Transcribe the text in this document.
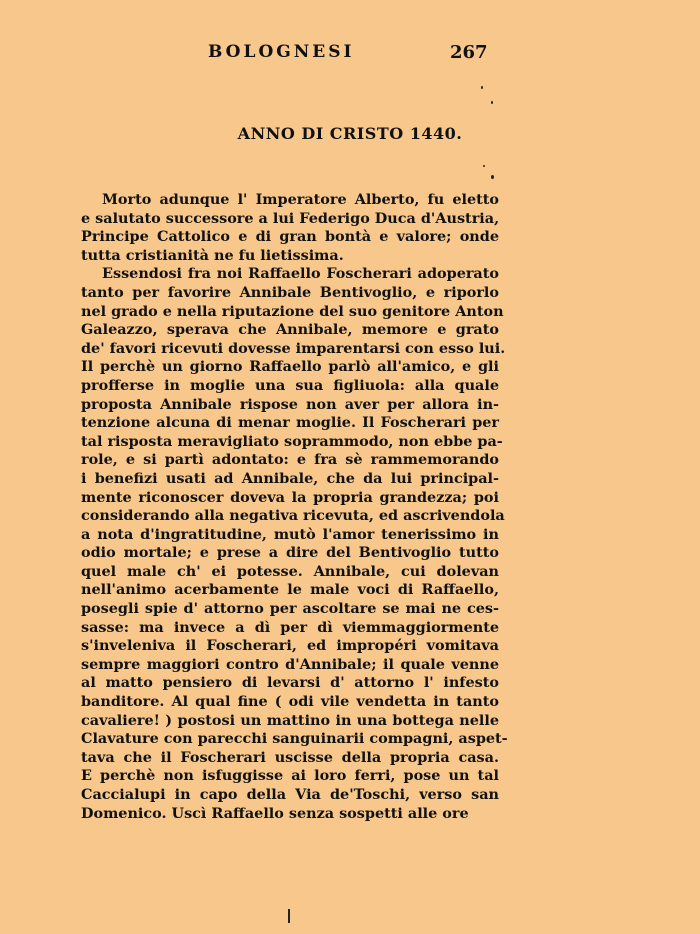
BOLOGNESI	267
ANNO DI CRISTO 1440.
Morto adunque l' Imperatore Alberto, fu eletto
e salutato successore a lui Federigo Duca d'Austria,
Principe Cattolico e di gran bontà e valore; onde
tutta cristianità ne fu lietissima.
Essendosi fra noi Raffaello Foscherari adoperato
tanto per favorire Annibale Bentivoglio, e riporlo
nel grado e nella riputazione del suo genitore Anton
Galeazzo, sperava che Annibale, memore e grato
de' favori ricevuti dovesse imparentarsi con esso lui.
Il perchè un giorno Raffaello parlò all'amico, e gli
profferse in moglie una sua figliuola: alla quale
proposta Annibale rispose non aver per allora in-
tenzione alcuna di menar moglie. Il Foscherari per
tal risposta meravigliato soprammodo, non ebbe pa-
role, e si partì adontato: e fra sè rammemorando
i benefizi usati ad Annibale, che da lui principal-
mente riconoscer doveva la propria grandezza; poi
considerando alla negativa ricevuta, ed ascrivendola
a nota d'ingratitudine, mutò l'amor tenerissimo in
odio mortale; e prese a dire del Bentivoglio tutto
quel male ch' ei potesse. Annibale, cui dolevan
nell'animo acerbamente le male voci di Raffaello,
posegli spie d' attorno per ascoltare se mai ne ces-
sasse: ma invece a dì per dì viemmaggiormente
s'inveleniva il Foscherari, ed impropéri vomitava
sempre maggiori contro d'Annibale; il quale venne
al matto pensiero di levarsi d' attorno l' infesto
banditore. Al qual fine ( odi vile vendetta in tanto
cavaliere! ) postosi un mattino in una bottega nelle
Clavature con parecchi sanguinarii compagni, aspet-
tava che il Foscherari uscisse della propria casa.
E perchè non isfuggisse ai loro ferri, pose un tal
Caccialupi in capo della Via de'Toschi, verso san
Domenico. Uscì Raffaello senza sospetti alle ore
